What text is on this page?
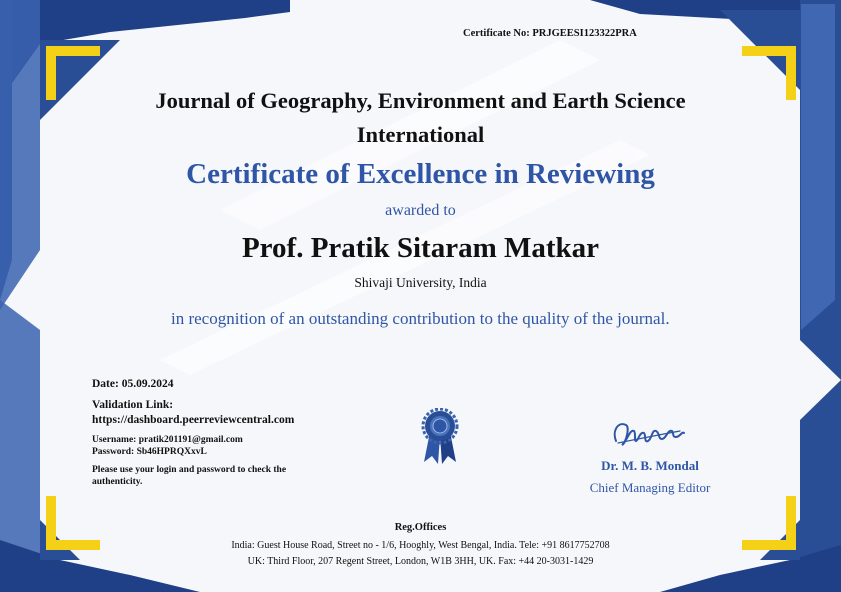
Certificate No: PRJGEESI123322PRA

Journal of Geography, Environment and Earth Science
International
Certificate of Excellence in Reviewing
awarded to
Prof. Pratik Sitaram Matkar
Shivaji University, India
in recognition of an outstanding contribution to the quality of the journal.
Date: 05.09.2024
Validation Link:
https://dashboard.peerreviewcentral.com
Username: pratik201191@gmail.com
Password: Sb46HPRQXxvL
Please use your login and password to check the
authenticity.
Dr. M. B. Mondal
Chief Managing Editor
Reg.Offices
India: Guest House Road, Street no - 1/6, Hooghly, West Bengal, India. Tele: +91 8617752708
UK: Third Floor, 207 Regent Street, London, W1B 3HH, UK. Fax: +44 20-3031-1429
